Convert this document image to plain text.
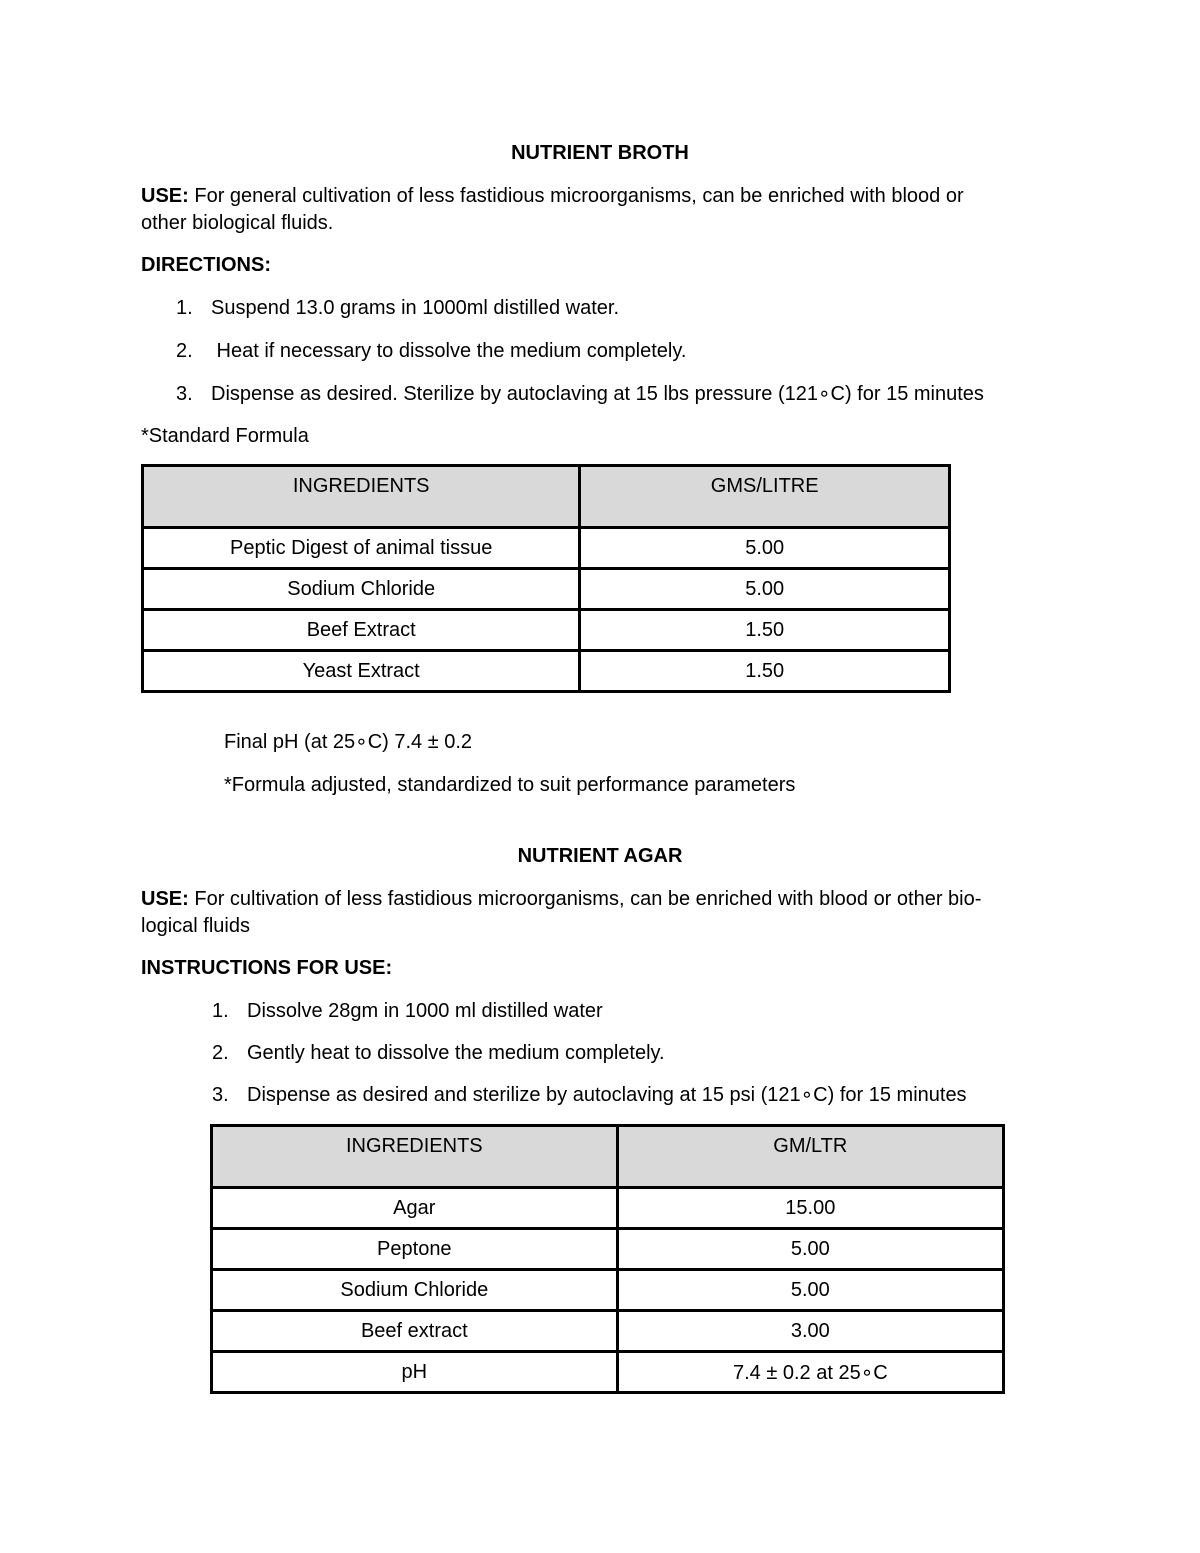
NUTRIENT BROTH
USE: For general cultivation of less fastidious microorganisms, can be enriched with blood or
other biological fluids.
DIRECTIONS:
1. Suspend 13.0 grams in 1000ml distilled water.
2. Heat if necessary to dissolve the medium completely.
3. Dispense as desired. Sterilize by autoclaving at 15 lbs pressure (121∘C) for 15 minutes
*Standard Formula
INGREDIENTS	GMS/LITRE
Peptic Digest of animal tissue	5.00
Sodium Chloride	5.00
Beef Extract	1.50
Yeast Extract	1.50
Final pH (at 25∘C) 7.4 ± 0.2
*Formula adjusted, standardized to suit performance parameters
NUTRIENT AGAR
USE: For cultivation of less fastidious microorganisms, can be enriched with blood or other bio-
logical fluids
INSTRUCTIONS FOR USE:
1. Dissolve 28gm in 1000 ml distilled water
2. Gently heat to dissolve the medium completely.
3. Dispense as desired and sterilize by autoclaving at 15 psi (121∘C) for 15 minutes
INGREDIENTS	GM/LTR
Agar	15.00
Peptone	5.00
Sodium Chloride	5.00
Beef extract	3.00
pH	7.4 ± 0.2 at 25∘C
